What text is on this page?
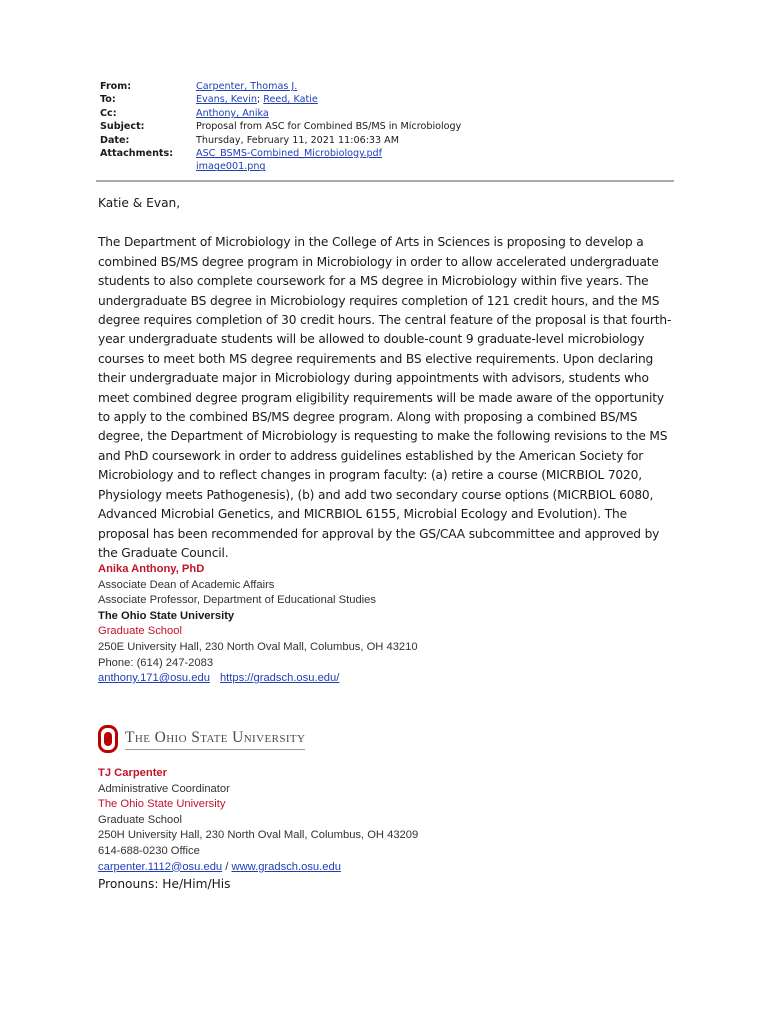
From:	Carpenter, Thomas J.
To:	Evans, Kevin; Reed, Katie
Cc:	Anthony, Anika
Subject:	Proposal from ASC for Combined BS/MS in Microbiology
Date:	Thursday, February 11, 2021 11:06:33 AM
Attachments:	ASC_BSMS-Combined_Microbiology.pdf
image001.png

Katie & Evan,

The Department of Microbiology in the College of Arts in Sciences is proposing to develop a combined BS/MS degree program in Microbiology in order to allow accelerated undergraduate students to also complete coursework for a MS degree in Microbiology within five years. The undergraduate BS degree in Microbiology requires completion of 121 credit hours, and the MS degree requires completion of 30 credit hours. The central feature of the proposal is that fourth-year undergraduate students will be allowed to double-count 9 graduate-level microbiology courses to meet both MS degree requirements and BS elective requirements. Upon declaring their undergraduate major in Microbiology during appointments with advisors, students who meet combined degree program eligibility requirements will be made aware of the opportunity to apply to the combined BS/MS degree program. Along with proposing a combined BS/MS degree, the Department of Microbiology is requesting to make the following revisions to the MS and PhD coursework in order to address guidelines established by the American Society for Microbiology and to reflect changes in program faculty: (a) retire a course (MICRBIOL 7020, Physiology meets Pathogenesis), (b) and add two secondary course options (MICRBIOL 6080, Advanced Microbial Genetics, and MICRBIOL 6155, Microbial Ecology and Evolution). The proposal has been recommended for approval by the GS/CAA subcommittee and approved by the Graduate Council.

Anika Anthony, PhD
Associate Dean of Academic Affairs
Associate Professor, Department of Educational Studies
The Ohio State University
Graduate School
250E University Hall, 230 North Oval Mall, Columbus, OH 43210
Phone: (614) 247-2083
anthony.171@osu.edu https://gradsch.osu.edu/
The Ohio State University
TJ Carpenter
Administrative Coordinator
The Ohio State University
Graduate School
250H University Hall, 230 North Oval Mall, Columbus, OH 43209
614-688-0230 Office
carpenter.1112@osu.edu / www.gradsch.osu.edu
Pronouns: He/Him/His
